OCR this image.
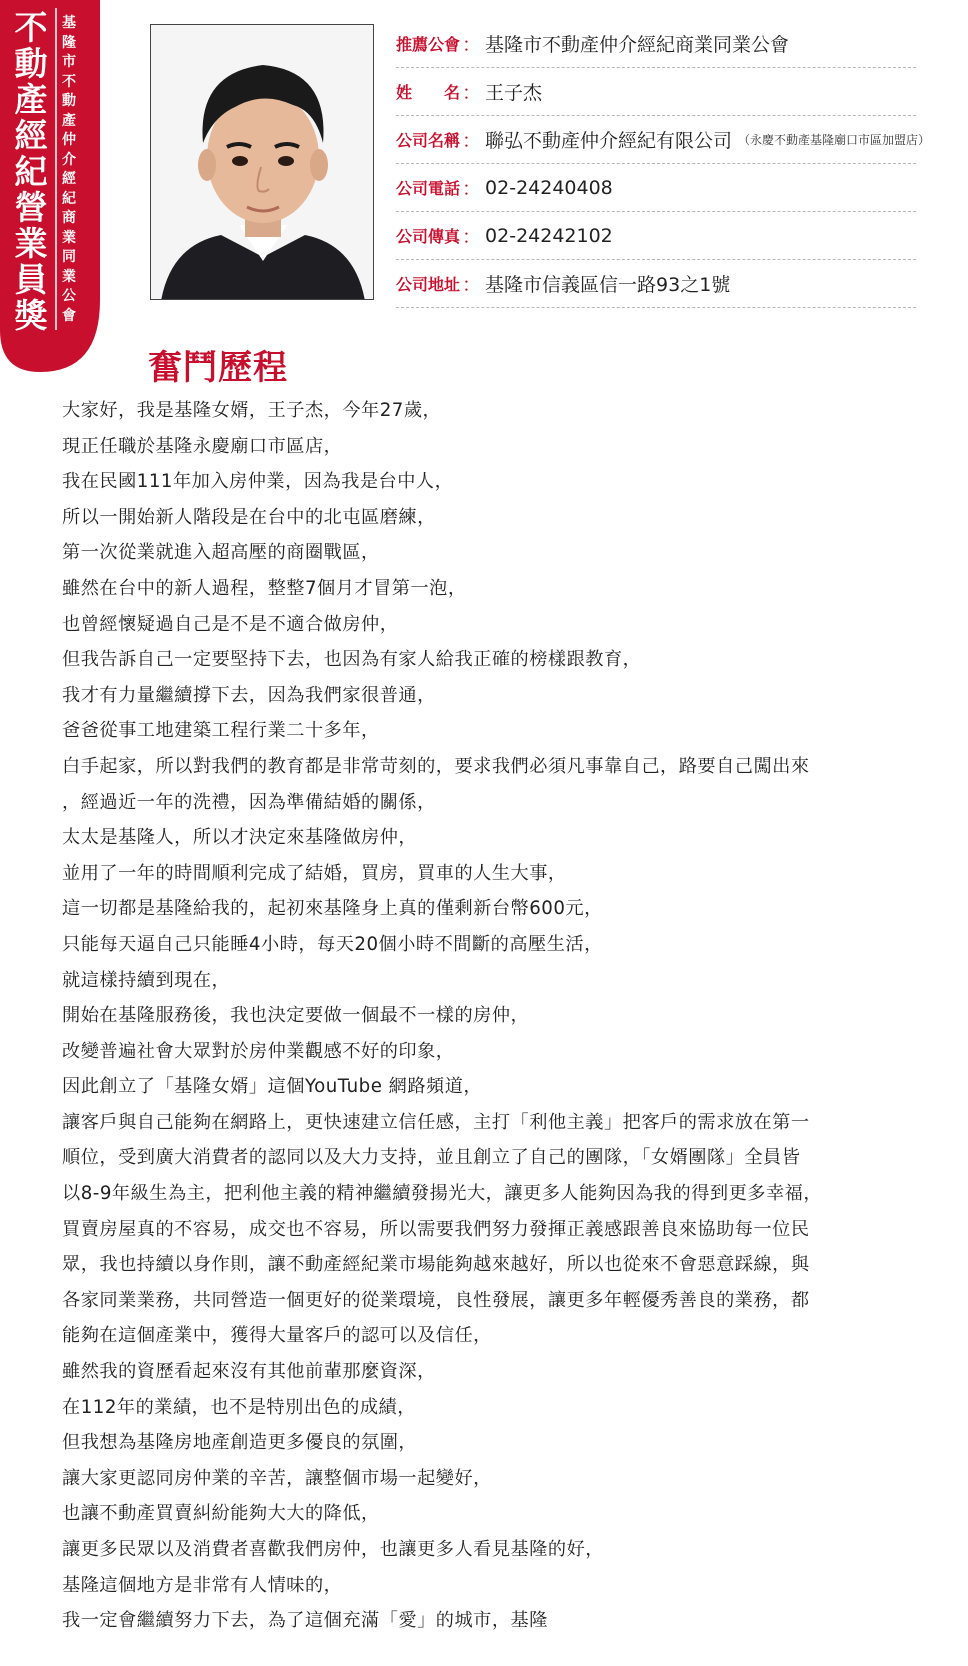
不動產經紀營業員獎
基隆市不動產仲介經紀商業同業公會
推薦公會 ： 基隆市不動產仲介經紀商業同業公會
姓　　名 ： 王子杰
公司名稱 ： 聯弘不動產仲介經紀有限公司 （永慶不動產基隆廟口市區加盟店）
公司電話 ： 02-24240408
公司傳真 ： 02-24242102
公司地址 ： 基隆市信義區信一路93之1號
奮鬥歷程
大家好，我是基隆女婿，王子杰，今年27歲，
現正任職於基隆永慶廟口市區店，
我在民國111年加入房仲業，因為我是台中人，
所以一開始新人階段是在台中的北屯區磨練，
第一次從業就進入超高壓的商圈戰區，
雖然在台中的新人過程，整整7個月才冒第一泡，
也曾經懷疑過自己是不是不適合做房仲，
但我告訴自己一定要堅持下去，也因為有家人給我正確的榜樣跟教育，
我才有力量繼續撐下去，因為我們家很普通，
爸爸從事工地建築工程行業二十多年，
白手起家，所以對我們的教育都是非常苛刻的，要求我們必須凡事靠自己，路要自己闖出來
，經過近一年的洗禮，因為準備結婚的關係，
太太是基隆人，所以才決定來基隆做房仲，
並用了一年的時間順利完成了結婚，買房，買車的人生大事，
這一切都是基隆給我的，起初來基隆身上真的僅剩新台幣600元，
只能每天逼自己只能睡4小時，每天20個小時不間斷的高壓生活，
就這樣持續到現在，
開始在基隆服務後，我也決定要做一個最不一樣的房仲，
改變普遍社會大眾對於房仲業觀感不好的印象，
因此創立了「基隆女婿」這個YouTube 網路頻道，
讓客戶與自己能夠在網路上，更快速建立信任感，主打「利他主義」把客戶的需求放在第一
順位，受到廣大消費者的認同以及大力支持，並且創立了自己的團隊，「女婿團隊」全員皆
以8-9年級生為主，把利他主義的精神繼續發揚光大，讓更多人能夠因為我的得到更多幸福，
買賣房屋真的不容易，成交也不容易，所以需要我們努力發揮正義感跟善良來協助每一位民
眾，我也持續以身作則，讓不動產經紀業市場能夠越來越好，所以也從來不會惡意踩線，與
各家同業業務，共同營造一個更好的從業環境，良性發展，讓更多年輕優秀善良的業務，都
能夠在這個產業中，獲得大量客戶的認可以及信任，
雖然我的資歷看起來沒有其他前輩那麼資深，
在112年的業績，也不是特別出色的成績，
但我想為基隆房地產創造更多優良的氛圍，
讓大家更認同房仲業的辛苦，讓整個市場一起變好，
也讓不動產買賣糾紛能夠大大的降低，
讓更多民眾以及消費者喜歡我們房仲，也讓更多人看見基隆的好，
基隆這個地方是非常有人情味的，
我一定會繼續努力下去，為了這個充滿「愛」的城市，基隆
